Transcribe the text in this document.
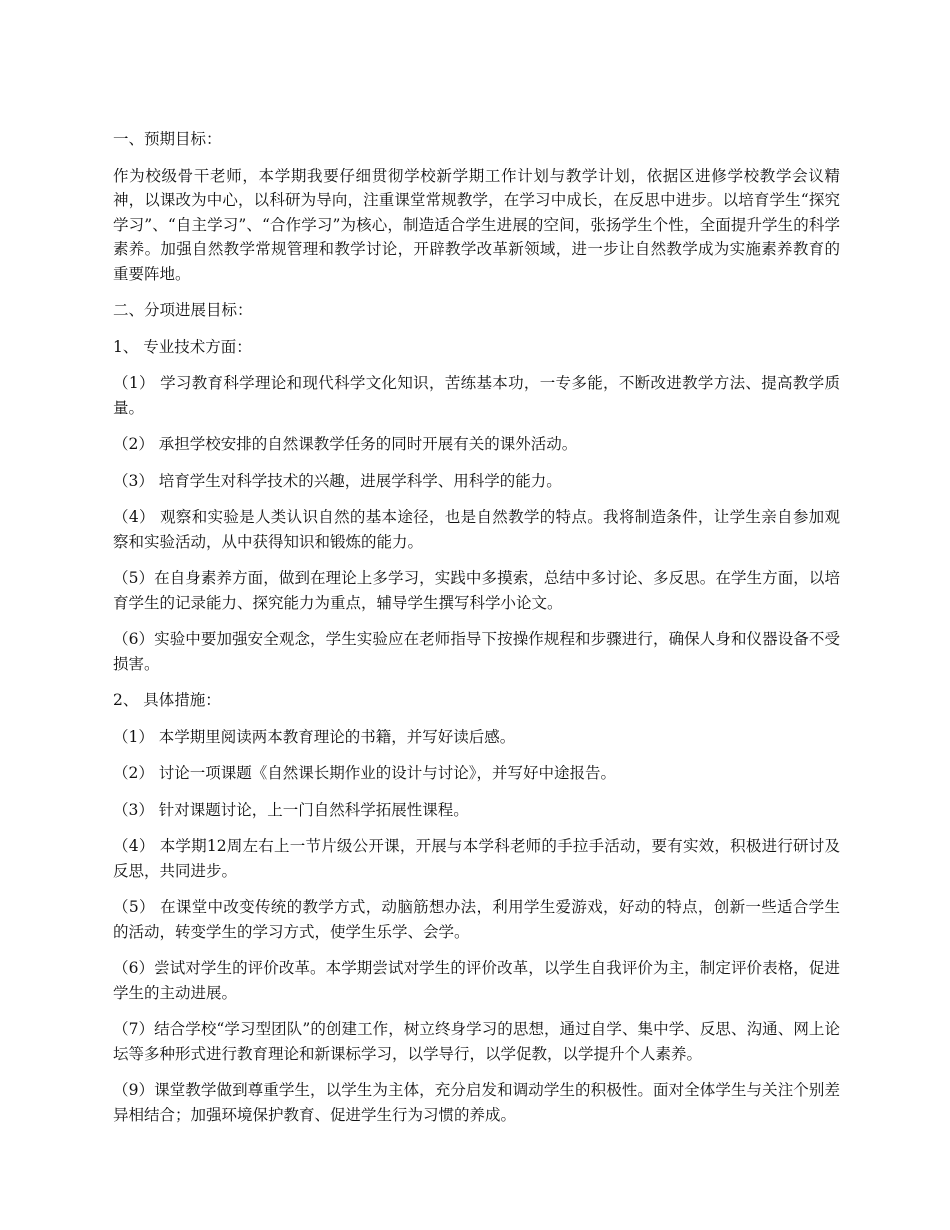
一、预期目标：

作为校级骨干老师，本学期我要仔细贯彻学校新学期工作计划与教学计划，依据区进修学校教学会议精神，以课改为中心，以科研为导向，注重课堂常规教学，在学习中成长，在反思中进步。以培育学生“探究学习”、“自主学习”、“合作学习”为核心，制造适合学生进展的空间，张扬学生个性，全面提升学生的科学素养。加强自然教学常规管理和教学讨论，开辟教学改革新领域，进一步让自然教学成为实施素养教育的重要阵地。

二、分项进展目标：

1、 专业技术方面：

（1） 学习教育科学理论和现代科学文化知识，苦练基本功，一专多能，不断改进教学方法、提高教学质量。

（2） 承担学校安排的自然课教学任务的同时开展有关的课外活动。

（3） 培育学生对科学技术的兴趣，进展学科学、用科学的能力。

（4） 观察和实验是人类认识自然的基本途径，也是自然教学的特点。我将制造条件，让学生亲自参加观察和实验活动，从中获得知识和锻炼的能力。

（5）在自身素养方面，做到在理论上多学习，实践中多摸索，总结中多讨论、多反思。在学生方面，以培育学生的记录能力、探究能力为重点，辅导学生撰写科学小论文。

（6）实验中要加强安全观念，学生实验应在老师指导下按操作规程和步骤进行，确保人身和仪器设备不受损害。

2、 具体措施：

（1） 本学期里阅读两本教育理论的书籍，并写好读后感。

（2） 讨论一项课题《自然课长期作业的设计与讨论》，并写好中途报告。

（3） 针对课题讨论，上一门自然科学拓展性课程。

（4） 本学期12周左右上一节片级公开课，开展与本学科老师的手拉手活动，要有实效，积极进行研讨及反思，共同进步。

（5） 在课堂中改变传统的教学方式，动脑筋想办法，利用学生爱游戏，好动的特点，创新一些适合学生的活动，转变学生的学习方式，使学生乐学、会学。

（6）尝试对学生的评价改革。本学期尝试对学生的评价改革，以学生自我评价为主，制定评价表格，促进学生的主动进展。

（7）结合学校“学习型团队”的创建工作，树立终身学习的思想，通过自学、集中学、反思、沟通、网上论坛等多种形式进行教育理论和新课标学习，以学导行，以学促教，以学提升个人素养。

（9）课堂教学做到尊重学生，以学生为主体，充分启发和调动学生的积极性。面对全体学生与关注个别差异相结合；加强环境保护教育、促进学生行为习惯的养成。
